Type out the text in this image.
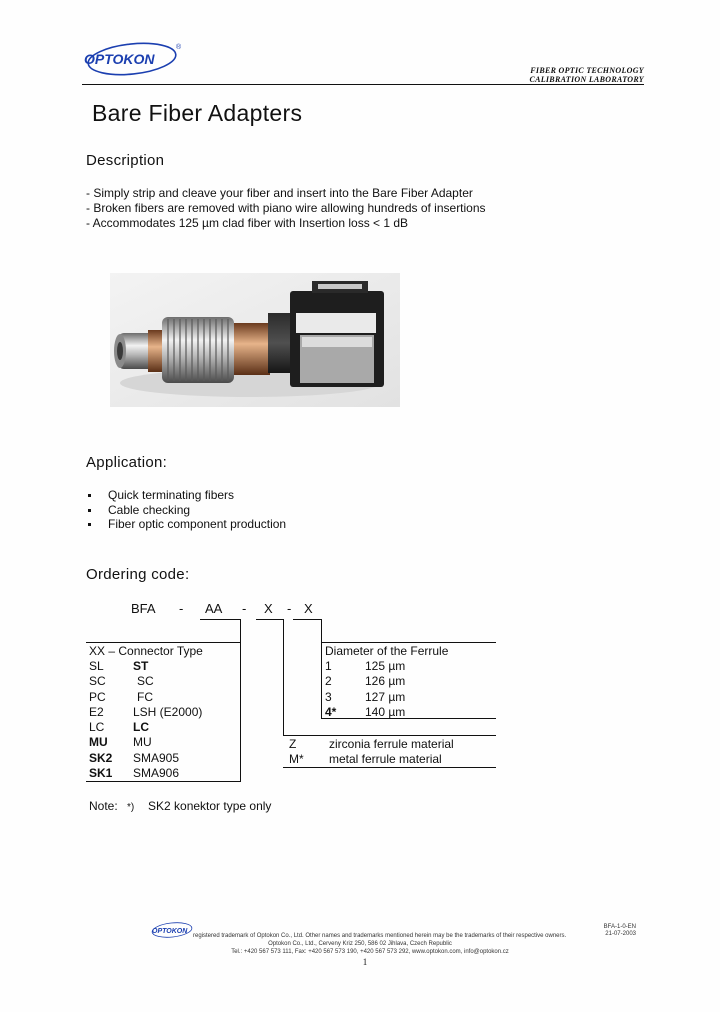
OPTOKON
®
FIBER OPTIC TECHNOLOGY
CALIBRATION LABORATORY
Bare Fiber Adapters
Description
- Simply strip and cleave your fiber and insert into the Bare Fiber Adapter
- Broken fibers are removed with piano wire allowing hundreds of insertions
- Accommodates 125 µm clad fiber with Insertion loss < 1 dB
Application:
Quick terminating fibers
Cable checking
Fiber optic component production
Ordering code:
BFA - AA - X - X
XX – Connector Type
SL ST
SC	SC
PC	FC
E2 LSH (E2000)
LC LC
MU MU
SK2 SMA905
SK1 SMA906
Z	zirconia ferrule material
M* metal ferrule material
Diameter of the Ferrule
1	125 µm
2	126 µm
3	127 µm
4* 140 µm
Note: *) SK2 konektor type only
OPTOKON
registered trademark of Optokon Co., Ltd. Other names and trademarks mentioned herein may be the trademarks of their respective owners.
Optokon Co., Ltd., Cerveny Kriz 250, 586 02 Jihlava, Czech Republic
Tel.: +420 567 573 111, Fax: +420 567 573 190, +420 567 573 292, www.optokon.com, info@optokon.cz
BFA-1-0-EN
21-07-2003
1
